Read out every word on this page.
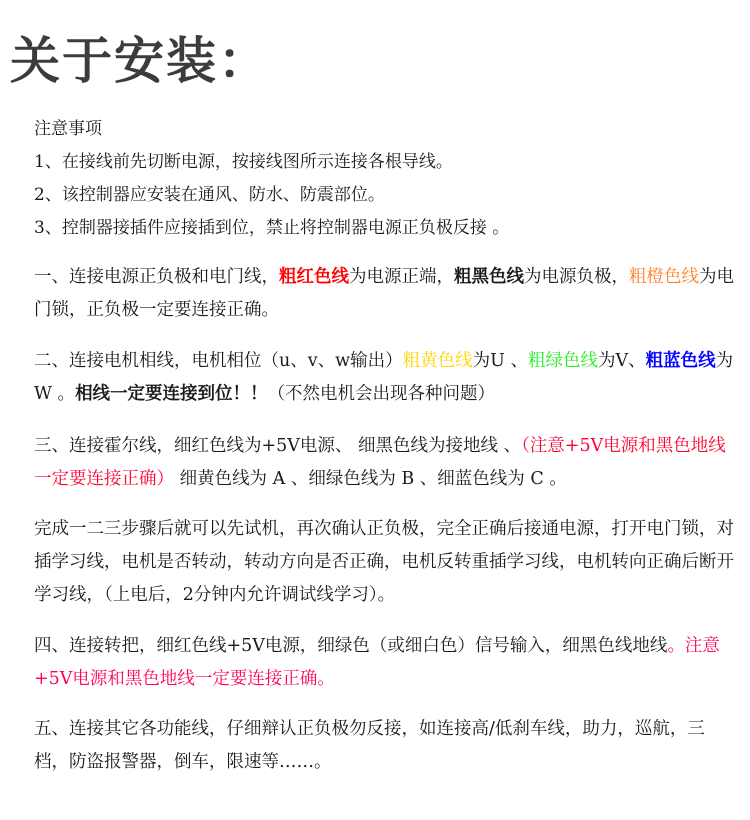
关于安装：
注意事项
1、在接线前先切断电源，按接线图所示连接各根导线。
2、该控制器应安装在通风、防水、防震部位。
3、控制器接插件应接插到位，禁止将控制器电源正负极反接 。
一、连接电源正负极和电门线，粗红色线为电源正端，粗黑色线为电源负极，粗橙色线为电门锁，正负极一定要连接正确。
二、连接电机相线，电机相位（u、v、w输出）粗黄色线为U 、粗绿色线为V、粗蓝色线为W 。相线一定要连接到位！！（不然电机会出现各种问题）
三、连接霍尔线，细红色线为+5V电源、 细黑色线为接地线 、（注意+5V电源和黑色地线一定要连接正确） 细黄色线为 A 、细绿色线为 B 、细蓝色线为 C 。
完成一二三步骤后就可以先试机，再次确认正负极，完全正确后接通电源，打开电门锁，对插学习线，电机是否转动，转动方向是否正确，电机反转重插学习线，电机转向正确后断开学习线，（上电后，2分钟内允许调试线学习）。
四、连接转把，细红色线+5V电源，细绿色（或细白色）信号输入，细黑色线地线。注意+5V电源和黑色地线一定要连接正确。
五、连接其它各功能线，仔细辩认正负极勿反接，如连接高/低刹车线，助力，巡航，三档，防盗报警器，倒车，限速等……。
